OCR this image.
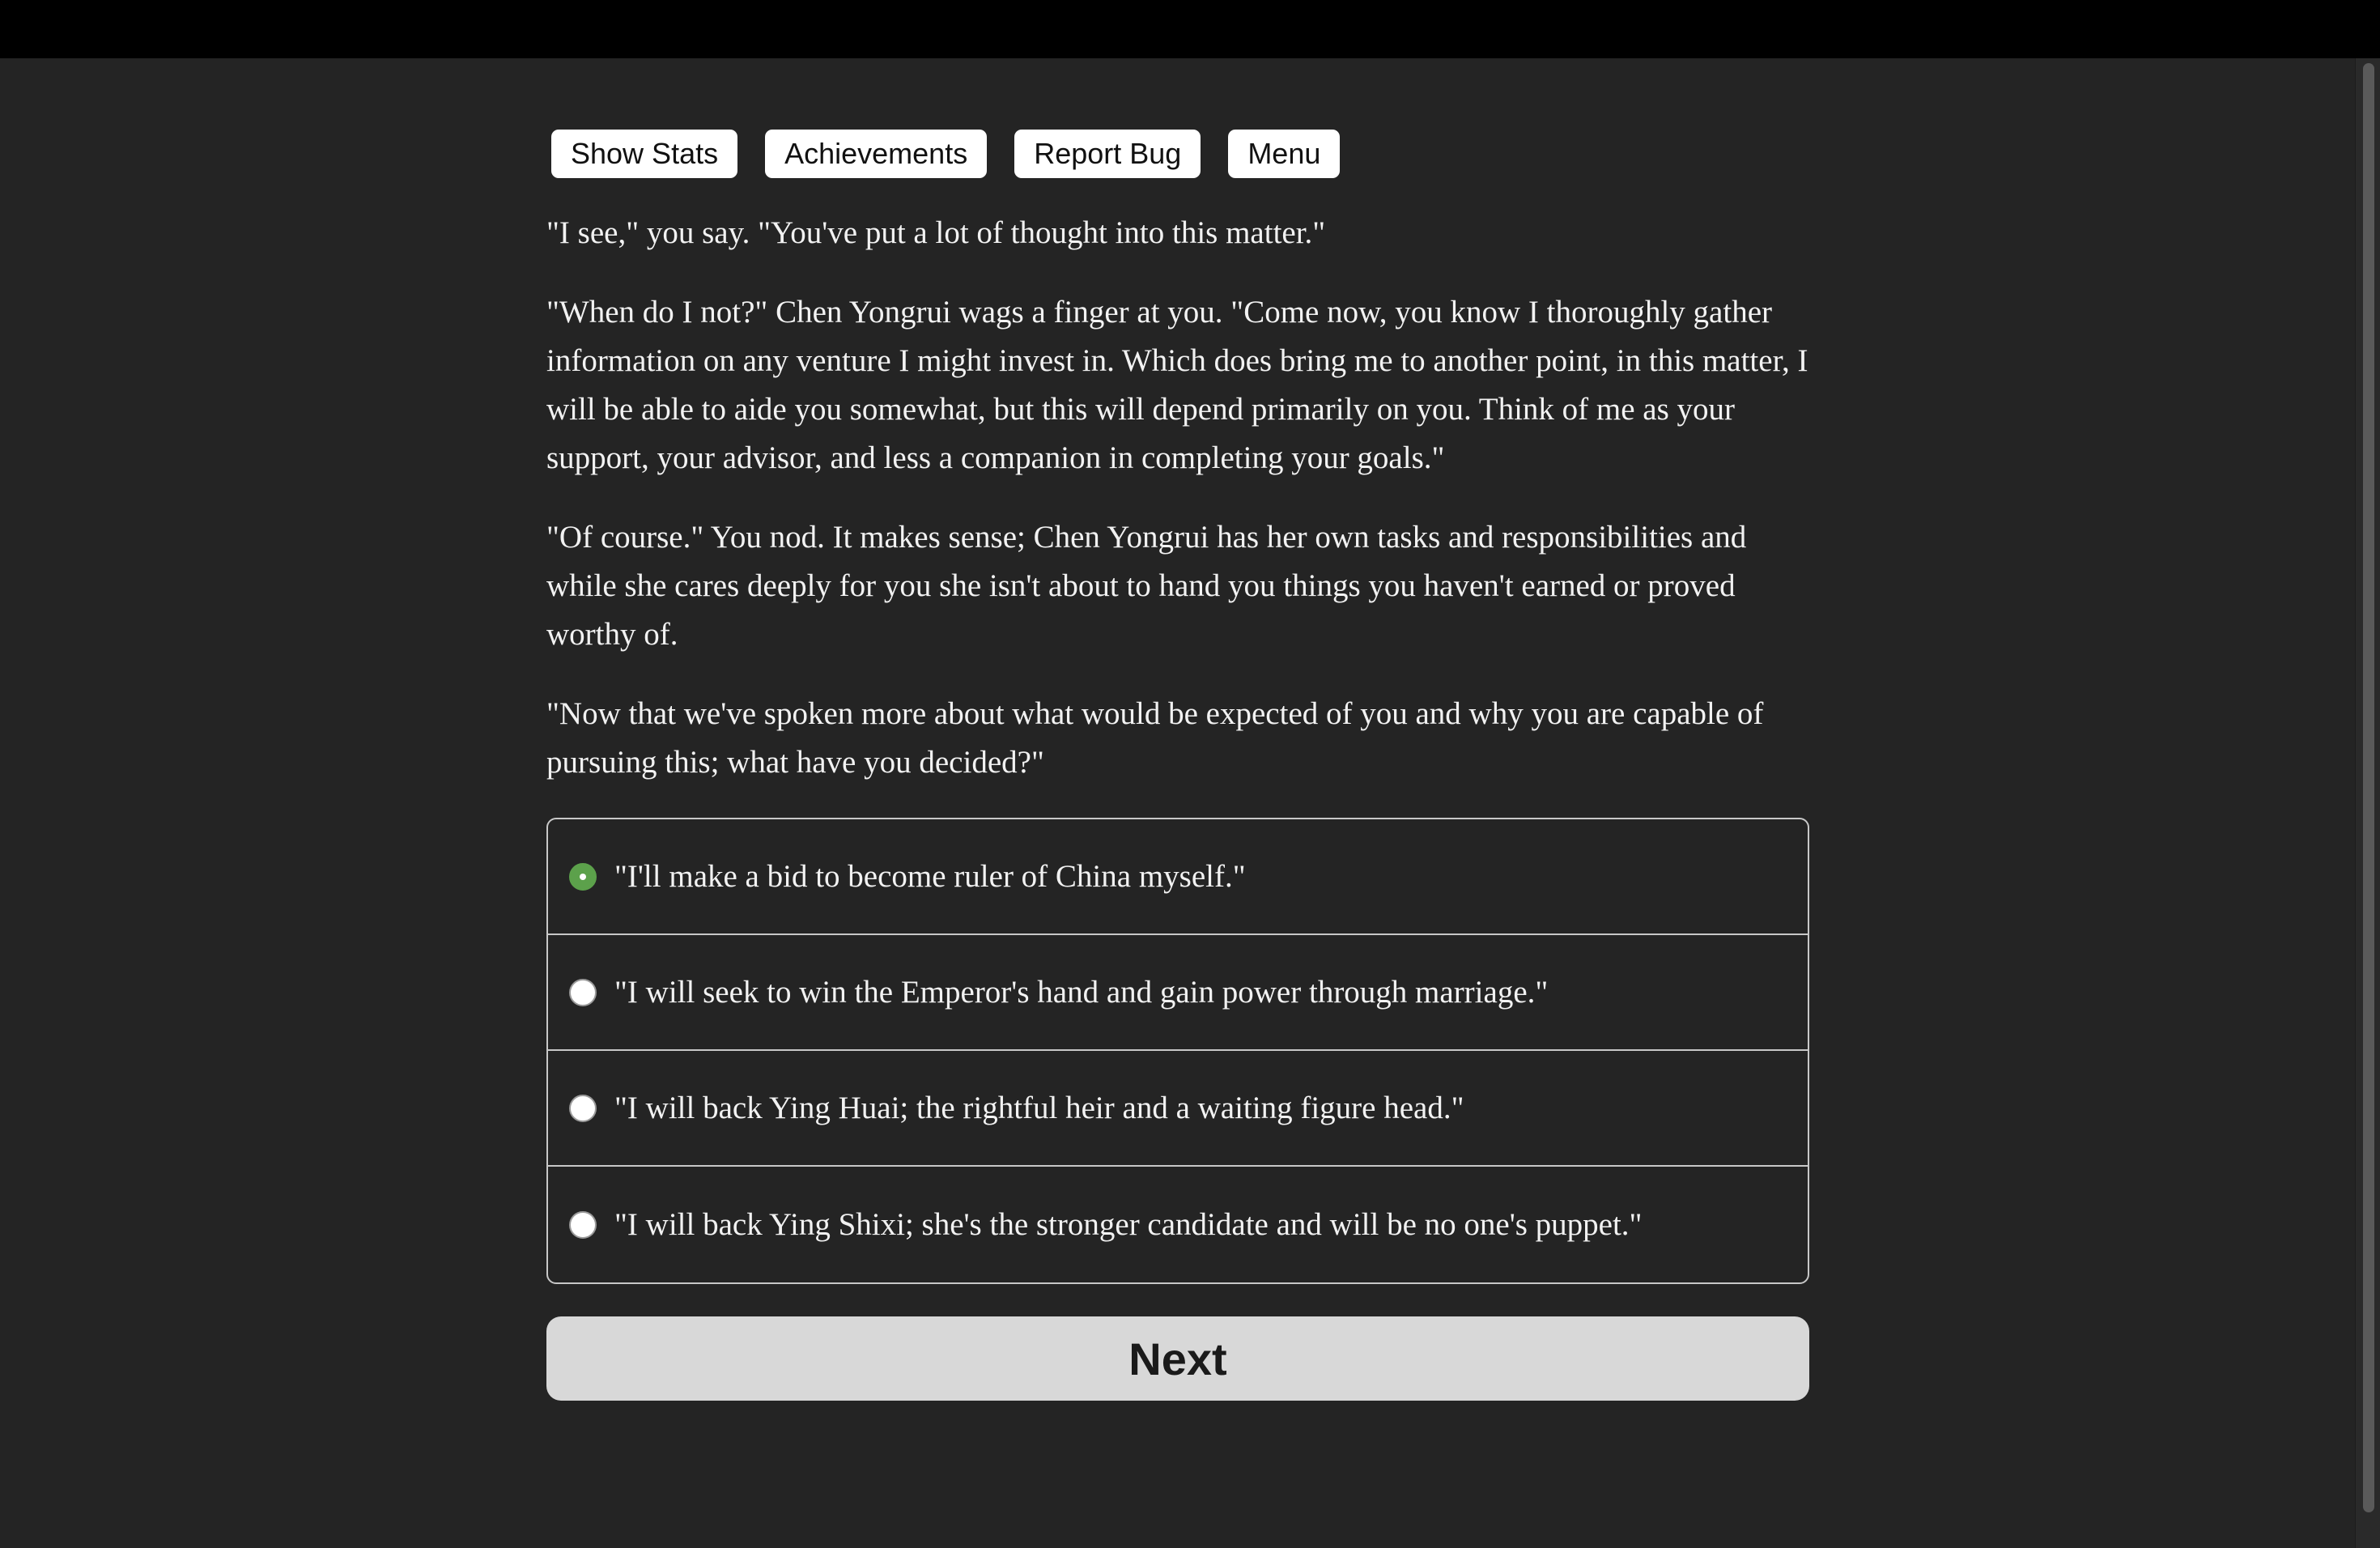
Show Stats	Achievements	Report Bug	Menu

"I see," you say. "You've put a lot of thought into this matter."

"When do I not?" Chen Yongrui wags a finger at you. "Come now, you know I thoroughly gather information on any venture I might invest in. Which does bring me to another point, in this matter, I will be able to aide you somewhat, but this will depend primarily on you. Think of me as your support, your advisor, and less a companion in completing your goals."

"Of course." You nod. It makes sense; Chen Yongrui has her own tasks and responsibilities and while she cares deeply for you she isn't about to hand you things you haven't earned or proved worthy of.

"Now that we've spoken more about what would be expected of you and why you are capable of pursuing this; what have you decided?"

"I'll make a bid to become ruler of China myself."
"I will seek to win the Emperor's hand and gain power through marriage."
"I will back Ying Huai; the rightful heir and a waiting figure head."
"I will back Ying Shixi; she's the stronger candidate and will be no one's puppet."
Next
